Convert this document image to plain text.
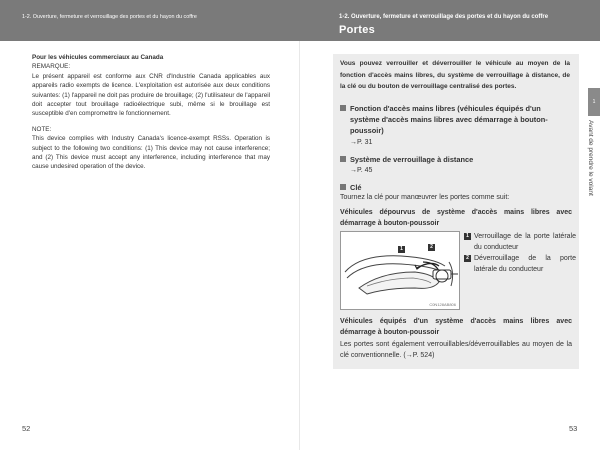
1-2. Ouverture, fermeture et verrouillage des portes et du hayon du coffre	1-2. Ouverture, fermeture et verrouillage des portes et du hayon du coffre
Portes
Pour les véhicules commerciaux au Canada
REMARQUE:
Le présent appareil est conforme aux CNR d'Industrie Canada applicables aux appareils radio exempts de licence. L'exploitation est autorisée aux deux conditions suivantes: (1) l'appareil ne doit pas produire de brouillage; (2) l'utilisateur de l'appareil doit accepter tout brouillage radioélectrique subi, même si le brouillage est susceptible d'en compromettre le fonctionnement.
NOTE:
This device complies with Industry Canada's licence-exempt RSSs. Operation is subject to the following two conditions: (1) This device may not cause interference; and (2) This device must accept any interference, including interference that may cause undesired operation of the device.
1
Avant de prendre le volant
Vous pouvez verrouiller et déverrouiller le véhicule au moyen de la fonction d'accès mains libres, du système de verrouillage à distance, de la clé ou du bouton de verrouillage centralisé des portes.
Fonction d'accès mains libres (véhicules équipés d'un
système d'accès mains libres avec démarrage à bouton-poussoir)
→P. 31
Système de verrouillage à distance
→P. 45
Clé
Tournez la clé pour manœuvrer les portes comme suit:
Véhicules dépourvus de système d'accès mains libres avec démarrage à bouton-poussoir
1	2
C0N128AB806
1 Verrouillage de la porte latérale du conducteur
2 Déverrouillage de la porte latérale du conducteur
Véhicules équipés d'un système d'accès mains libres avec démarrage à bouton-poussoir
Les portes sont également verrouillables/déverrouillables au moyen de la clé conventionnelle. (→P. 524)
52	53
